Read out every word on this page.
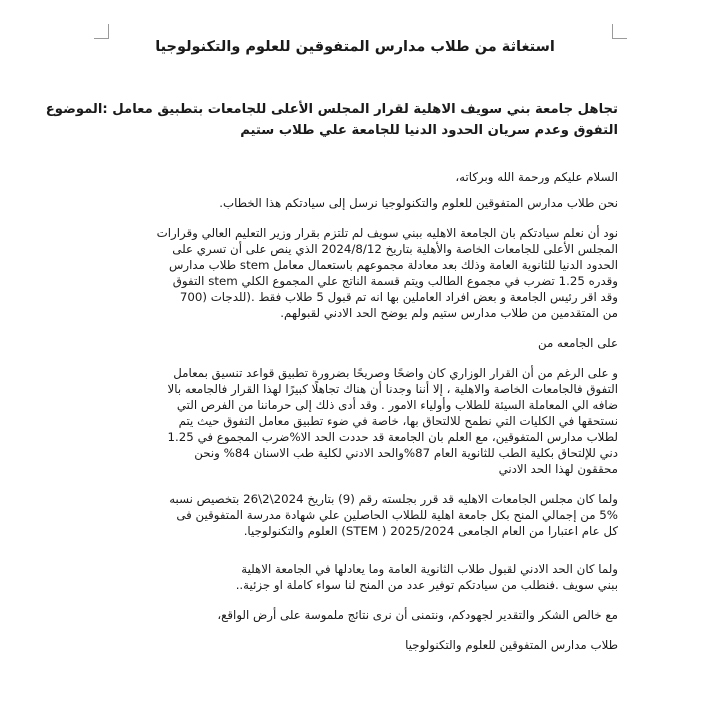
استغاثة من طلاب مدارس المتفوقين للعلوم والتكنولوجيا
تجاهل جامعة بني سويف الاهلية لقرار المجلس الأعلى للجامعات بتطبيق معامل :الموضوع
التفوق وعدم سريان الحدود الدنيا للجامعة علي طلاب ستيم

السلام عليكم ورحمة الله وبركاته،

نحن طلاب مدارس المتفوقين للعلوم والتكنولوجيا نرسل إلى سيادتكم هذا الخطاب.

نود أن نعلم سيادتكم بان الجامعة الاهليه ببني سويف لم تلتزم بقرار وزير التعليم العالي وقرارات

المجلس الأعلى للجامعات الخاصة والأهلية بتاريخ 2024/8/12 الذي ينص على أن تسري على

الحدود الدنيا للثانوية العامة وذلك بعد معادلة مجموعهم باستعمال معامل stem طلاب مدارس

وقدره 1.25 تضرب في مجموع الطالب ويتم قسمة الناتج علي المجموع الكلي stem التفوق

وقد اقر رئيس الجامعة و بعض افراد العاملين بها انه تم قبول 5 طلاب فقط .(للدجات (700

من المتقدمين من طلاب مدارس ستيم ولم يوضح الحد الادني لقبولهم.

على الجامعه من

و على الرغم من أن القرار الوزاري كان واضحًا وصريحًا بضرورة تطبيق قواعد تنسيق بمعامل

التفوق فالجامعات الخاصة والاهلية ، إلا أننا وجدنا أن هناك تجاهلًا كبيرًا لهذا القرار فالجامعه بالا

ضافه الي المعاملة السيئة للطلاب وأولياء الامور . وقد أدى ذلك إلى حرماننا من الفرص التي

نستحقها في الكليات التي نطمح للالتحاق بها، خاصة في ضوء تطبيق معامل التفوق حيث يتم

لطلاب مدارس المتفوقين، مع العلم بان الجامعة قد حددت الحد الا%ضرب المجموع في 1.25

دني للإلتحاق بكلية الطب للثانوية العام 87%والحد الادني لكلية طب الاسنان 84% ونحن

محققون لهذا الحد الادني

ولما كان مجلس الجامعات الاهليه قد قرر بجلسته رقم (9) بتاريخ 2024\2\26 بتخصيص نسبه

5% من إجمالي المنح بكل جامعة اهلية للطلاب الحاصلين علي شهادة مدرسة المتفوقين فى

كل عام اعتبارا من العام الجامعى 2025/2024 ( STEM) العلوم والتكنولوجيا.

ولما كان الحد الادني لقبول طلاب الثانوية العامة وما يعادلها في الجامعة الاهلية

ببني سويف .فنطلب من سيادتكم توفير عدد من المنح لنا سواء كاملة او جزئية..

مع خالص الشكر والتقدير لجهودكم، ونتمنى أن نرى نتائج ملموسة على أرض الواقع،

طلاب مدارس المتفوقين للعلوم والتكنولوجيا
